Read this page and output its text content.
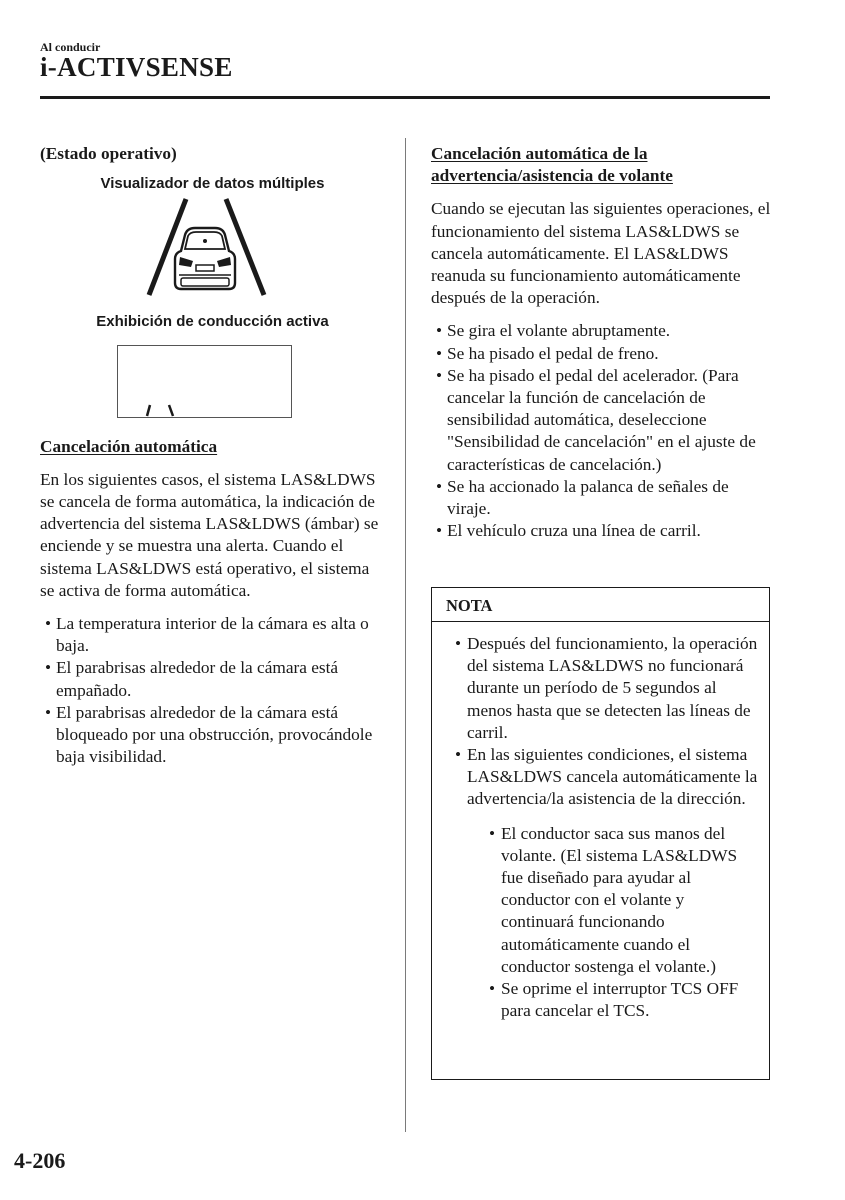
Al conducir
i-ACTIVSENSE

(Estado operativo)

Visualizador de datos múltiples
Exhibición de conducción activa

Cancelación automática

En los siguientes casos, el sistema LAS&LDWS se cancela de forma automática, la indicación de advertencia del sistema LAS&LDWS (ámbar) se enciende y se muestra una alerta. Cuando el sistema LAS&LDWS está operativo, el sistema se activa de forma automática.

• La temperatura interior de la cámara es alta o baja.
• El parabrisas alrededor de la cámara está empañado.
• El parabrisas alrededor de la cámara está bloqueado por una obstrucción, provocándole baja visibilidad.

Cancelación automática de la advertencia/asistencia de volante

Cuando se ejecutan las siguientes operaciones, el funcionamiento del sistema LAS&LDWS se cancela automáticamente. El LAS&LDWS reanuda su funcionamiento automáticamente después de la operación.

• Se gira el volante abruptamente.
• Se ha pisado el pedal de freno.
• Se ha pisado el pedal del acelerador. (Para cancelar la función de cancelación de sensibilidad automática, deseleccione "Sensibilidad de cancelación" en el ajuste de características de cancelación.)
• Se ha accionado la palanca de señales de viraje.
• El vehículo cruza una línea de carril.
NOTA
• Después del funcionamiento, la operación del sistema LAS&LDWS no funcionará durante un período de 5 segundos al menos hasta que se detecten las líneas de carril.
• En las siguientes condiciones, el sistema LAS&LDWS cancela automáticamente la advertencia/la asistencia de la dirección.
• El conductor saca sus manos del volante. (El sistema LAS&LDWS fue diseñado para ayudar al conductor con el volante y continuará funcionando automáticamente cuando el conductor sostenga el volante.)
• Se oprime el interruptor TCS OFF para cancelar el TCS.
4-206
